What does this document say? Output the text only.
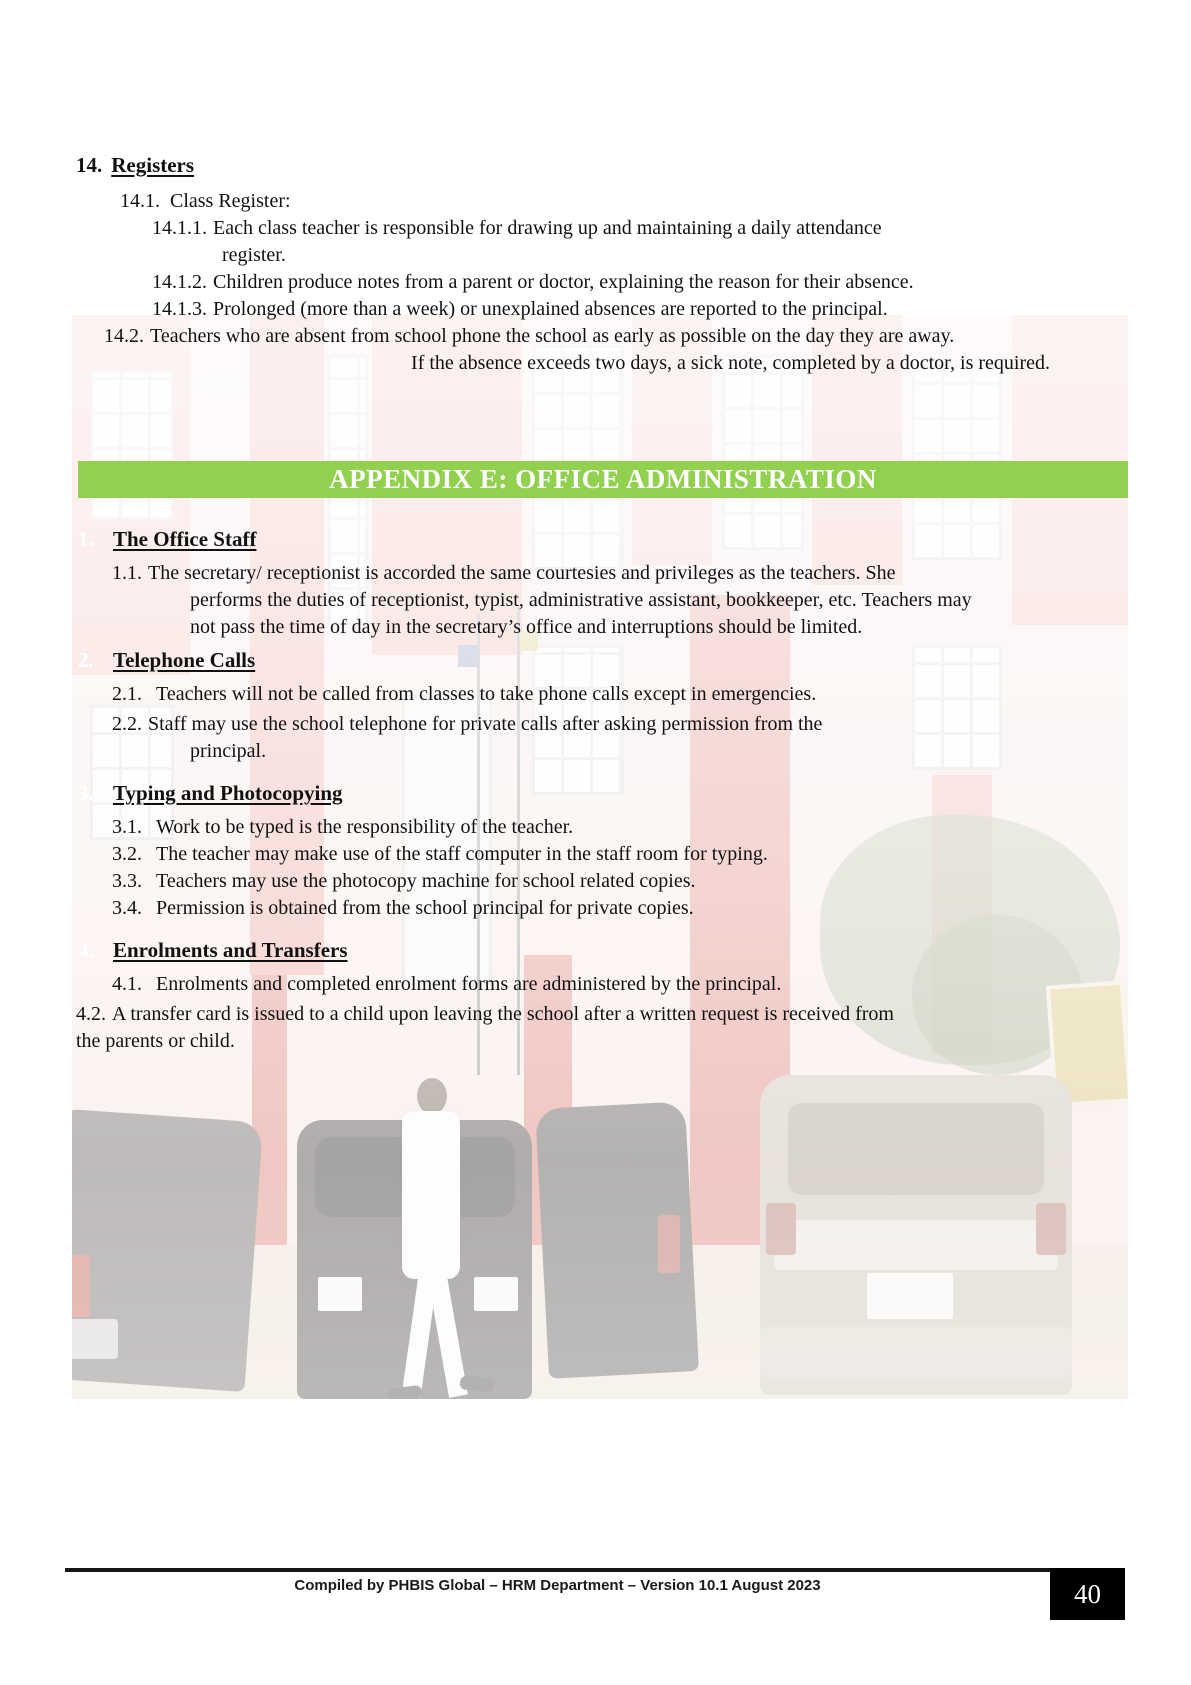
14. Registers
14.1. Class Register:
14.1.1. Each class teacher is responsible for drawing up and maintaining a daily attendance
register.
14.1.2. Children produce notes from a parent or doctor, explaining the reason for their absence.
14.1.3. Prolonged (more than a week) or unexplained absences are reported to the principal.
14.2. Teachers who are absent from school phone the school as early as possible on the day they are away.
If the absence exceeds two days, a sick note, completed by a doctor, is required.
APPENDIX E: OFFICE ADMINISTRATION
1. The Office Staff
1.1. The secretary/ receptionist is accorded the same courtesies and privileges as the teachers. She
performs the duties of receptionist, typist, administrative assistant, bookkeeper, etc. Teachers may
not pass the time of day in the secretary’s office and interruptions should be limited.
2. Telephone Calls
2.1. Teachers will not be called from classes to take phone calls except in emergencies.
2.2. Staff may use the school telephone for private calls after asking permission from the
principal.
3. Typing and Photocopying
3.1. Work to be typed is the responsibility of the teacher.
3.2. The teacher may make use of the staff computer in the staff room for typing.
3.3. Teachers may use the photocopy machine for school related copies.
3.4. Permission is obtained from the school principal for private copies.
4. Enrolments and Transfers
4.1. Enrolments and completed enrolment forms are administered by the principal.
4.2. A transfer card is issued to a child upon leaving the school after a written request is received from
the parents or child.
Compiled by PHBIS Global – HRM Department – Version 10.1 August 2023	40
